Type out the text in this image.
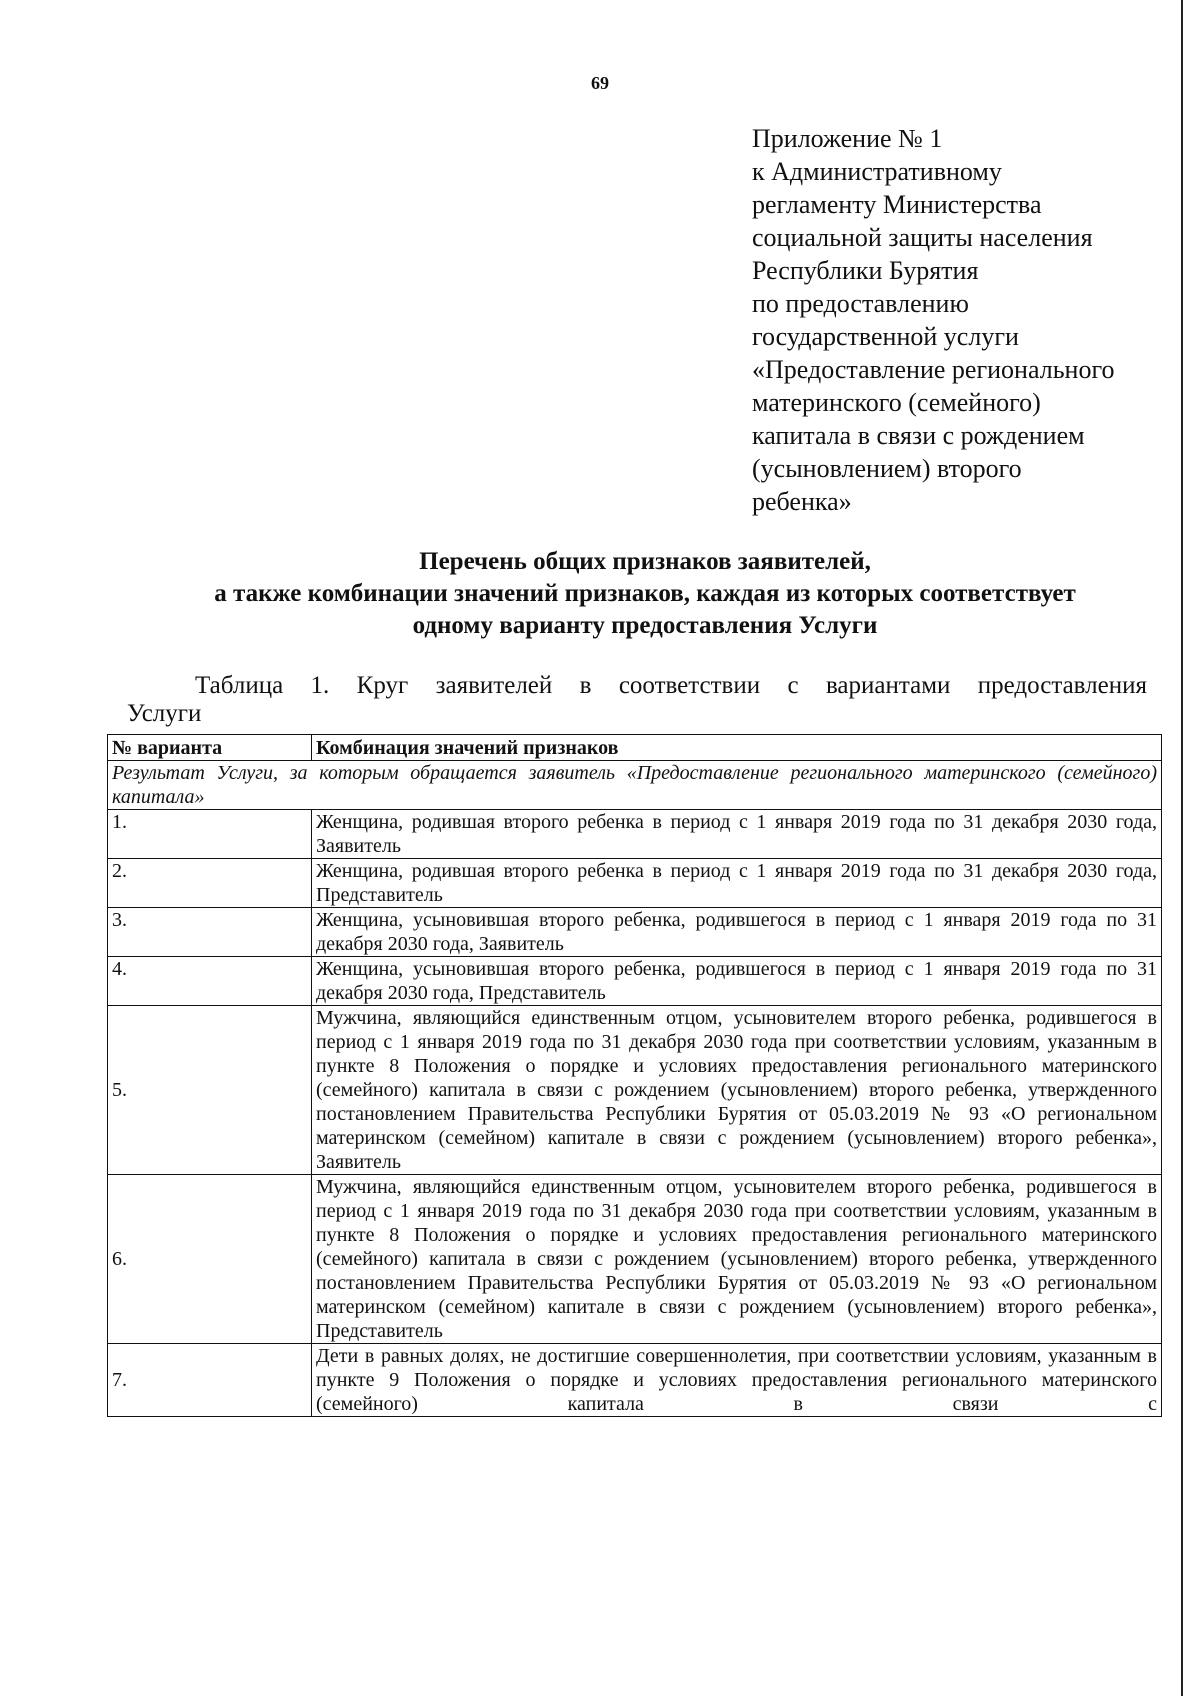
69
Приложение № 1
к Административному
регламенту Министерства
социальной защиты населения
Республики Бурятия
по предоставлению
государственной услуги
«Предоставление регионального
материнского (семейного)
капитала в связи с рождением
(усыновлением) второго
ребенка»
Перечень общих признаков заявителей,
а также комбинации значений признаков, каждая из которых соответствует
одному варианту предоставления Услуги
Таблица 1. Круг заявителей в соответствии с вариантами предоставления
Услуги
№ варианта	Комбинация значений признаков
Результат Услуги, за которым обращается заявитель «Предоставление регионального материнского (семейного) капитала»	
1.	Женщина, родившая второго ребенка в период с 1 января 2019 года по 31 декабря 2030 года, Заявитель
2.	Женщина, родившая второго ребенка в период с 1 января 2019 года по 31 декабря 2030 года, Представитель
3.	Женщина, усыновившая второго ребенка, родившегося в период с 1 января 2019 года по 31 декабря 2030 года, Заявитель
4.	Женщина, усыновившая второго ребенка, родившегося в период с 1 января 2019 года по 31 декабря 2030 года, Представитель
5.	Мужчина, являющийся единственным отцом, усыновителем второго ребенка, родившегося в период с 1 января 2019 года по 31 декабря 2030 года при соответствии условиям, указанным в пункте 8 Положения о порядке и условиях предоставления регионального материнского (семейного) капитала в связи с рождением (усыновлением) второго ребенка, утвержденного постановлением Правительства Республики Бурятия от 05.03.2019 № 93 «О региональном материнском (семейном) капитале в связи с рождением (усыновлением) второго ребенка», Заявитель
6.	Мужчина, являющийся единственным отцом, усыновителем второго ребенка, родившегося в период с 1 января 2019 года по 31 декабря 2030 года при соответствии условиям, указанным в пункте 8 Положения о порядке и условиях предоставления регионального материнского (семейного) капитала в связи с рождением (усыновлением) второго ребенка, утвержденного постановлением Правительства Республики Бурятия от 05.03.2019 № 93 «О региональном материнском (семейном) капитале в связи с рождением (усыновлением) второго ребенка», Представитель
7.	Дети в равных долях, не достигшие совершеннолетия, при соответствии условиям, указанным в пункте 9 Положения о порядке и условиях предоставления регионального материнского (семейного) капитала в связи с
